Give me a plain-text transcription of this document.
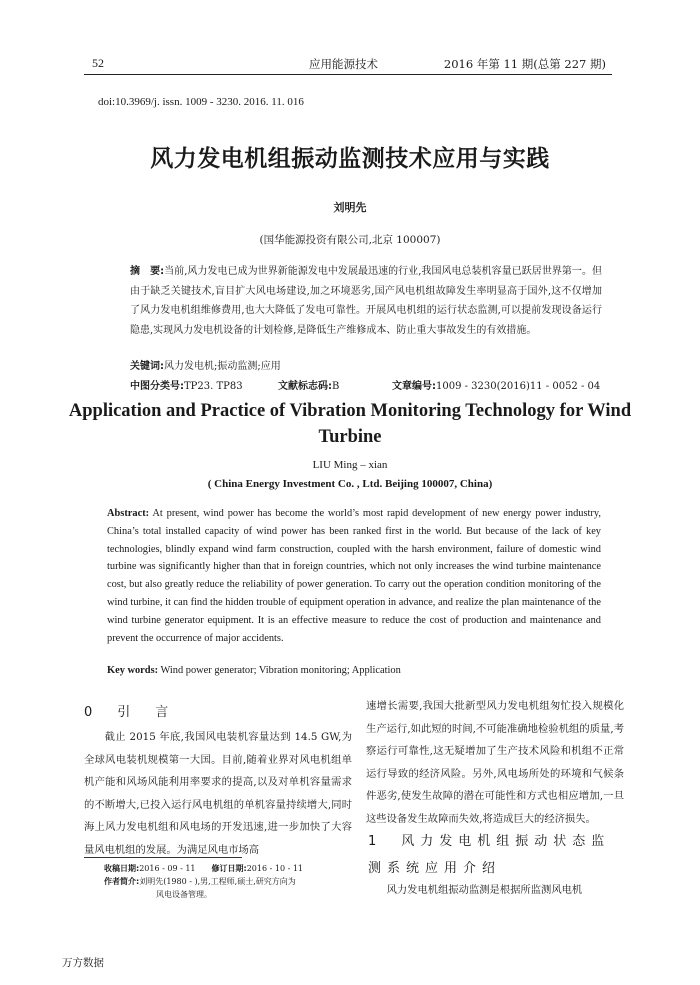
52	应用能源技术	2016 年第 11 期(总第 227 期)
doi:10.3969/j. issn. 1009 - 3230. 2016. 11. 016
风力发电机组振动监测技术应用与实践
刘明先
(国华能源投资有限公司,北京 100007)
摘　要:当前,风力发电已成为世界新能源发电中发展最迅速的行业,我国风电总装机容量已跃居世界第一。但由于缺乏关键技术,盲目扩大风电场建设,加之环境恶劣,国产风电机组故障发生率明显高于国外,这不仅增加了风力发电机组维修费用,也大大降低了发电可靠性。开展风电机组的运行状态监测,可以提前发现设备运行隐患,实现风力发电机设备的计划检修,是降低生产维修成本、防止重大事故发生的有效措施。
关键词:风力发电机;振动监测;应用
中图分类号:TP23. TP83	文献标志码:B	文章编号:1009 - 3230(2016)11 - 0052 - 04
Application and Practice of Vibration Monitoring Technology for Wind Turbine
LIU Ming – xian
( China Energy Investment Co. , Ltd. Beijing 100007, China)
Abstract: At present, wind power has become the world’s most rapid development of new energy power industry, China’s total installed capacity of wind power has been ranked first in the world. But because of the lack of key technologies, blindly expand wind farm construction, coupled with the harsh environment, failure of domestic wind turbine was significantly higher than that in foreign countries, which not only increases the wind turbine maintenance cost, but also greatly reduce the reliability of power generation. To carry out the operation condition monitoring of the wind turbine, it can find the hidden trouble of equipment operation in advance, and realize the plan maintenance of the wind turbine generator equipment. It is an effective measure to reduce the cost of production and maintenance and prevent the occurrence of major accidents.
Key words: Wind power generator; Vibration monitoring; Application
0　 引　言
截止 2015 年底,我国风电装机容量达到 14.5 GW,为全球风电装机规模第一大国。目前,随着业界对风电机组单机产能和风场风能利用率要求的提高,以及对单机容量需求的不断增大,已投入运行风电机组的单机容量持续增大,同时海上风力发电机组和风电场的开发迅速,进一步加快了大容量风电机组的发展。为满足风电市场高
速增长需要,我国大批新型风力发电机组匆忙投入规模化生产运行,如此短的时间,不可能准确地检验机组的质量,考察运行可靠性,这无疑增加了生产技术风险和机组不正常运行导致的经济风险。另外,风电场所处的环境和气候条件恶劣,使发生故障的潜在可能性和方式也相应增加,一旦这些设备发生故障而失效,将造成巨大的经济损失。
1　 风力发电机组振动状态监测系统应用介绍
风力发电机组振动监测是根据所监测风电机
收稿日期:2016 - 09 - 11　　 修订日期:2016 - 10 - 11
作者简介:刘明先(1980 - ),男,工程师,硕士,研究方向为
风电设备管理。
万方数据
